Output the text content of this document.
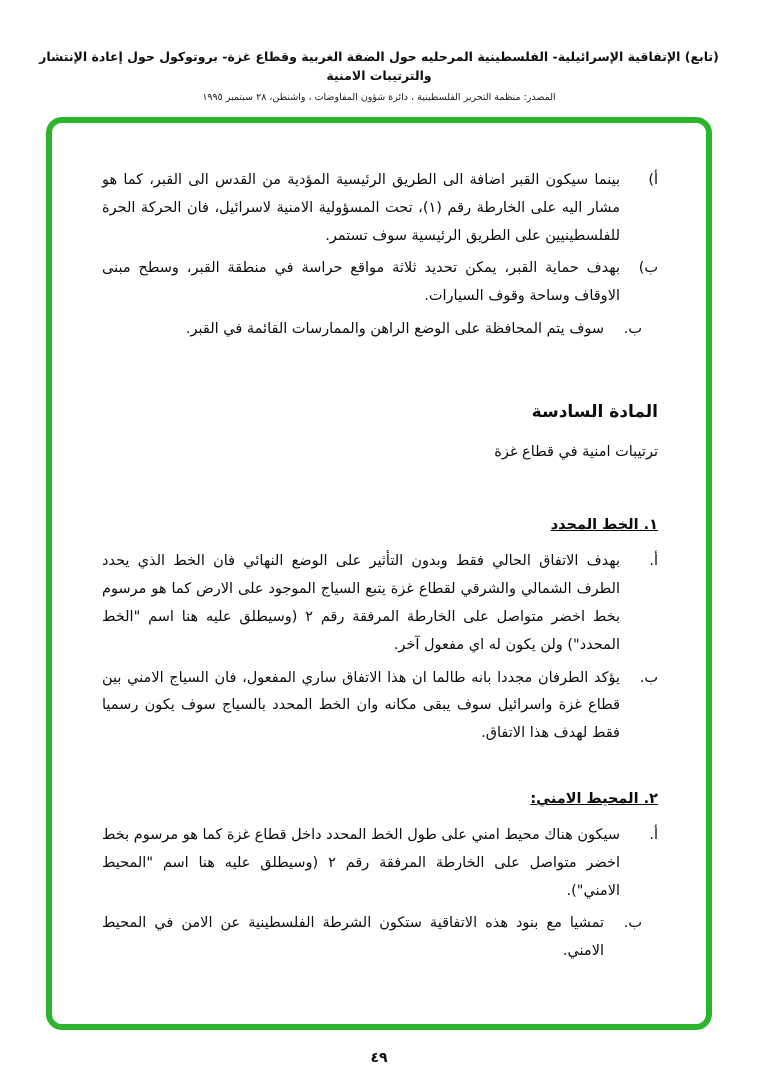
(تابع) الإتفاقية الإسرائيلية- الفلسطينية المرحليه حول الضفة الغربية وقطاع غزة- بروتوكول حول إعادة الإنتشار والترتيبات الامنية
المصدر: منظمة التحرير الفلسطينية ، دائرة شؤون المفاوضات ، واشنطن، ٢٨ سبتمبر ١٩٩٥
أ)
بينما سيكون القبر اضافة الى الطريق الرئيسية المؤدية من القدس الى القبر، كما هو مشار اليه على الخارطة رقم (١)، تحت المسؤولية الامنية لاسرائيل، فان الحركة الحرة للفلسطينيين على الطريق الرئيسية سوف تستمر.
ب)
بهدف حماية القبر، يمكن تحديد ثلاثة مواقع حراسة في منطقة القبر، وسطح مبنى الاوقاف وساحة وقوف السيارات.
ب.
سوف يتم المحافظة على الوضع الراهن والممارسات القائمة في القبر.
المادة السادسة
ترتيبات امنية في قطاع غزة
١. الخط المحدد
أ.
بهدف الاتفاق الحالي فقط وبدون التأثير على الوضع النهائي فان الخط الذي يحدد الطرف الشمالي والشرقي لقطاع غزة يتبع السياج الموجود على الارض كما هو مرسوم بخط اخضر متواصل على الخارطة المرفقة رقم ٢ (وسيطلق عليه هنا اسم "الخط المحدد") ولن يكون له اي مفعول آخر.
ب.
يؤكد الطرفان مجددا بانه طالما ان هذا الاتفاق ساري المفعول، فان السياج الامني بين قطاع غزة واسرائيل سوف يبقى مكانه وان الخط المحدد بالسياج سوف يكون رسميا فقط لهدف هذا الاتفاق.
٢. المحيط الامني:
أ.
سيكون هناك محيط امني على طول الخط المحدد داخل قطاع غزة كما هو مرسوم بخط اخضر متواصل على الخارطة المرفقة رقم ٢ (وسيطلق عليه هنا اسم "المحيط الامني").
ب.
تمشيا مع بنود هذه الاتفاقية ستكون الشرطة الفلسطينية عن الامن في المحيط الامني.
٤٩
